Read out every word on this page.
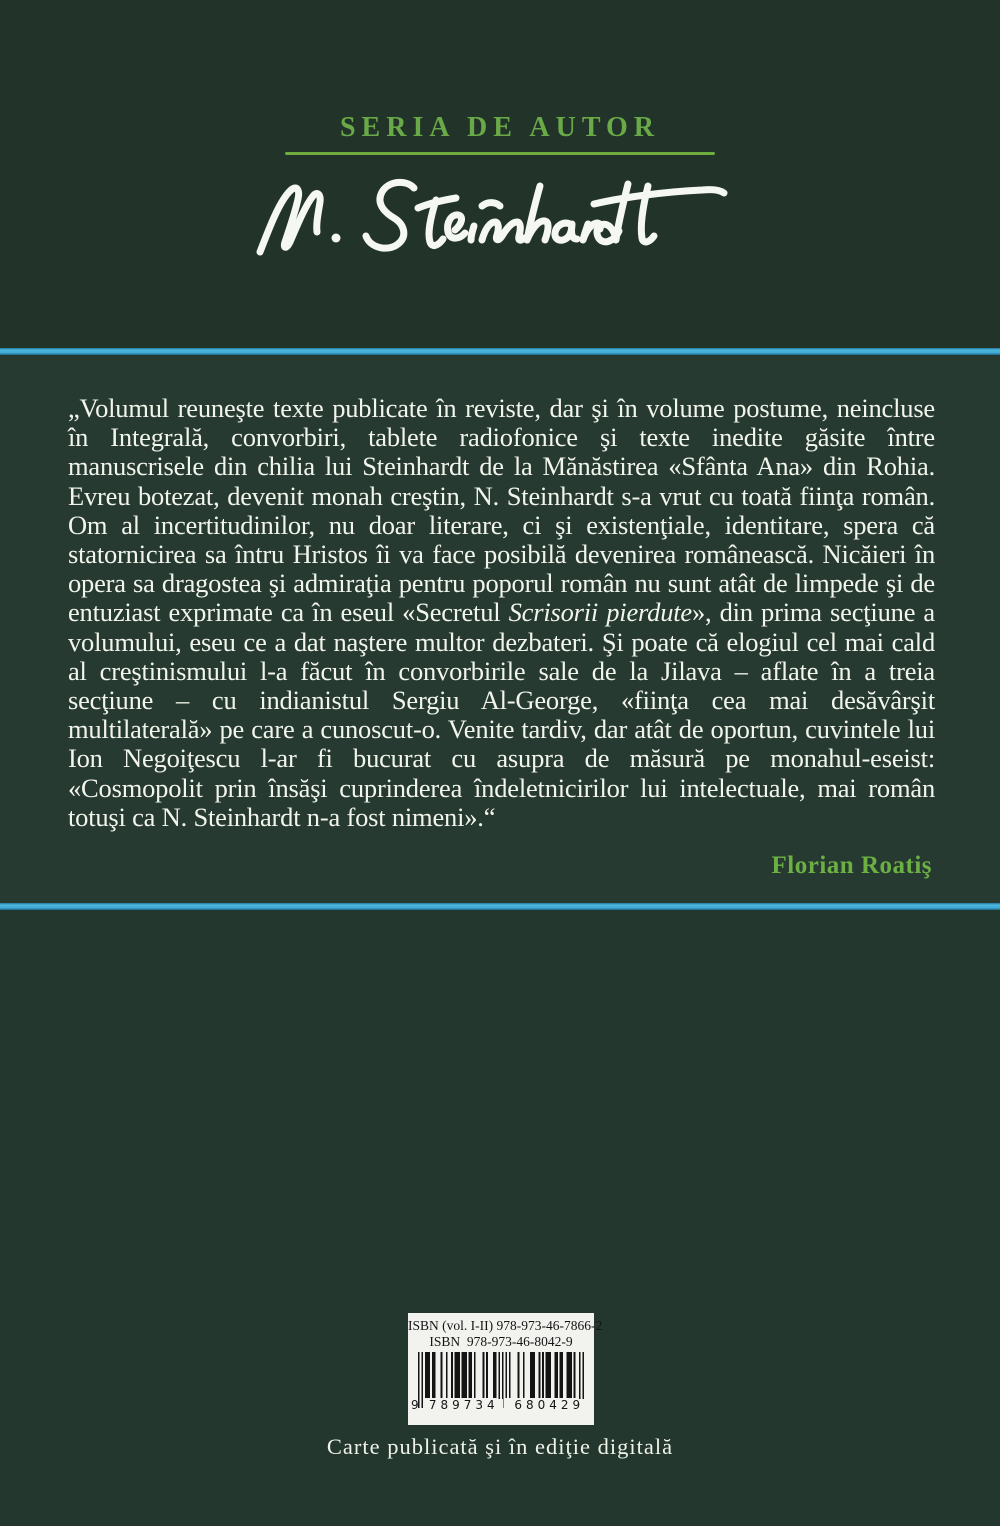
SERIA DE AUTOR

„Volumul reuneşte texte publicate în reviste, dar şi în volume postume, neincluse în Integrală, convorbiri, tablete radiofonice şi texte inedite găsite între manuscrisele din chilia lui Steinhardt de la Mănăstirea «Sfânta Ana» din Rohia. Evreu botezat, devenit monah creştin, N. Steinhardt s-a vrut cu toată fiinţa român. Om al incertitudinilor, nu doar literare, ci şi existenţiale, identitare, spera că statornicirea sa întru Hristos îi va face posibilă devenirea românească. Nicăieri în opera sa dragostea şi admiraţia pentru poporul român nu sunt atât de limpede şi de entuziast exprimate ca în eseul «Secretul Scrisorii pierdute», din prima secţiune a volumului, eseu ce a dat naştere multor dezbateri. Şi poate că elogiul cel mai cald al creştinismului l-a făcut în convorbirile sale de la Jilava – aflate în a treia secţiune – cu indianistul Sergiu Al-George, «fiinţa cea mai desăvârşit multilaterală» pe care a cunoscut-o. Venite tardiv, dar atât de oportun, cuvintele lui Ion Negoiţescu l-ar fi bucurat cu asupra de măsură pe monahul-eseist: «Cosmopolit prin însăşi cuprinderea îndeletnicirilor lui intelectuale, mai român totuşi ca N. Steinhardt n-a fost nimeni».“

Florian Roatiş

ISBN (vol. I-II) 978-973-46-7866-2
ISBN  978-973-46-8042-9
9 789734	680429
Carte publicată şi în ediţie digitală
